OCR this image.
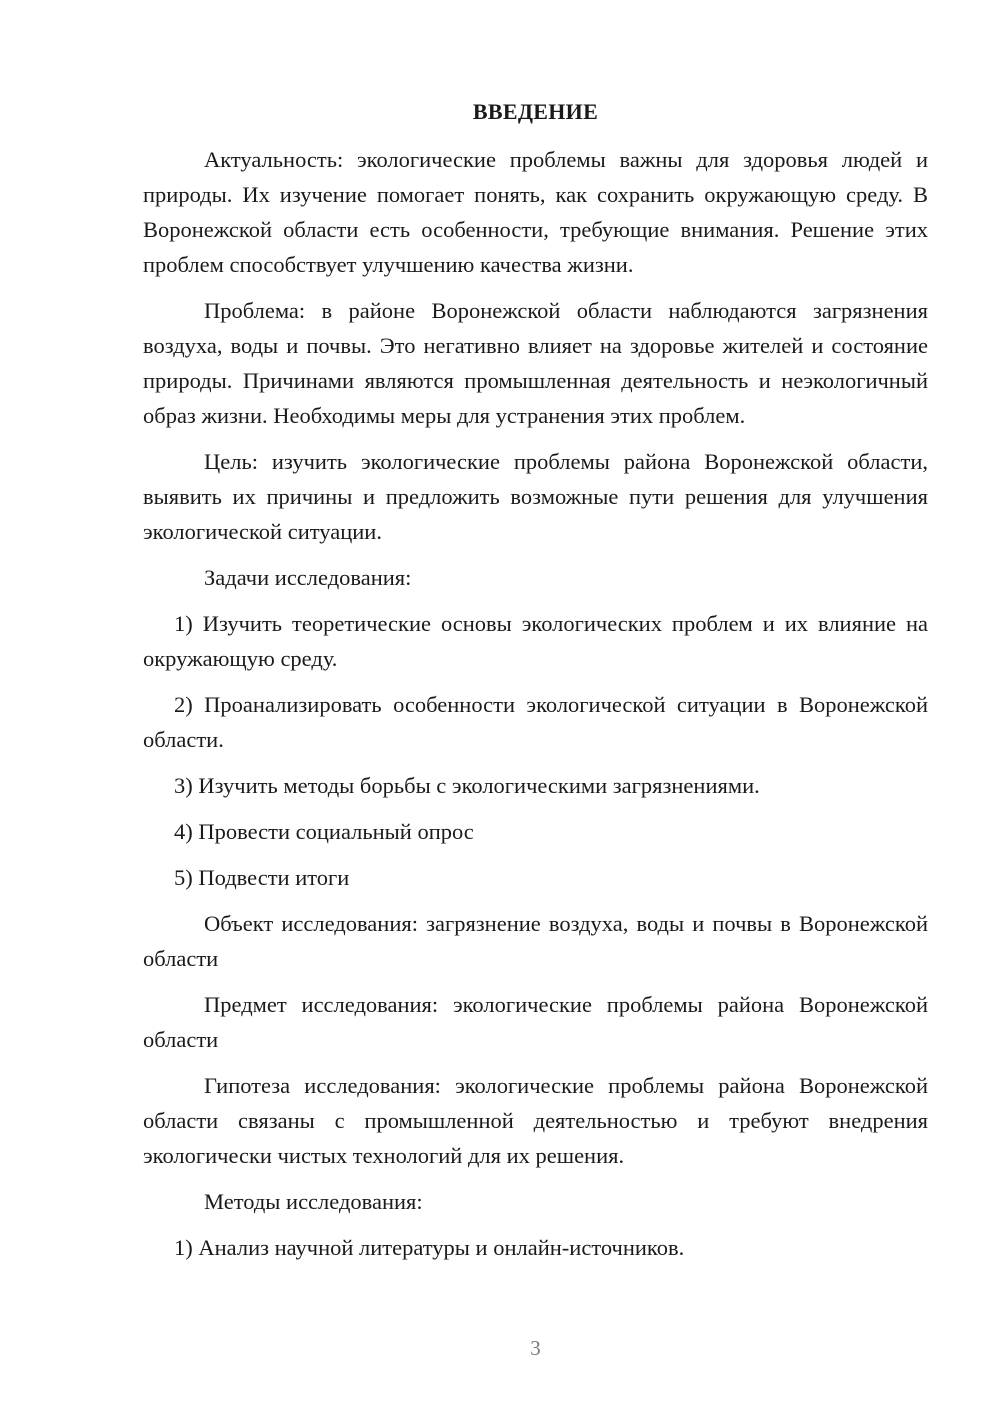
ВВЕДЕНИЕ

Актуальность: экологические проблемы важны для здоровья людей и природы. Их изучение помогает понять, как сохранить окружающую среду. В Воронежской области есть особенности, требующие внимания. Решение этих проблем способствует улучшению качества жизни.

Проблема: в районе Воронежской области наблюдаются загрязнения воздуха, воды и почвы. Это негативно влияет на здоровье жителей и состояние природы. Причинами являются промышленная деятельность и неэкологичный образ жизни. Необходимы меры для устранения этих проблем.

Цель: изучить экологические проблемы района Воронежской области, выявить их причины и предложить возможные пути решения для улучшения экологической ситуации.

Задачи исследования:

1) Изучить теоретические основы экологических проблем и их влияние на окружающую среду.

2) Проанализировать особенности экологической ситуации в Воронежской области.

3) Изучить методы борьбы с экологическими загрязнениями.

4) Провести социальный опрос

5) Подвести итоги

Объект исследования: загрязнение воздуха, воды и почвы в Воронежской области

Предмет исследования: экологические проблемы района Воронежской области

Гипотеза исследования: экологические проблемы района Воронежской области связаны с промышленной деятельностью и требуют внедрения экологически чистых технологий для их решения.

Методы исследования:

1) Анализ научной литературы и онлайн-источников.

3
